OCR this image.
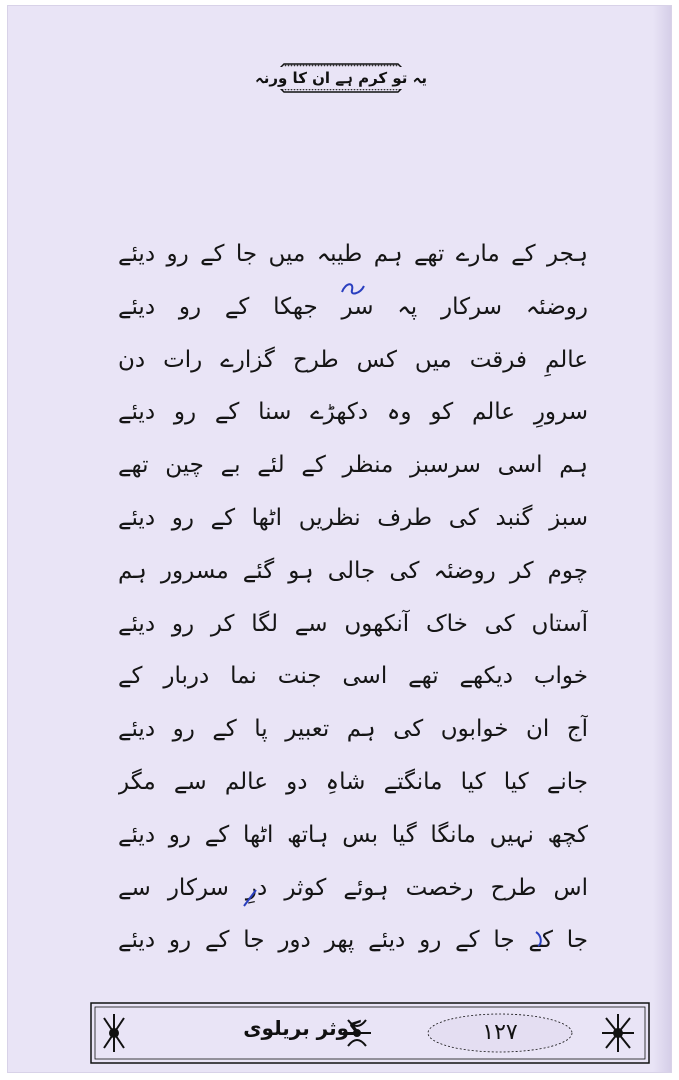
یہ تو کرم ہے ان کا ورنہ
ہجر کے مارے تھے ہم طیبہ میں جا کے رو دیئے
روضئہ سرکار پہ سر جھکا کے رو دیئے
عالمِ فرقت میں کس طرح گزارے رات دن
سرورِ عالم کو وہ دکھڑے سنا کے رو دیئے
ہم اسی سرسبز منظر کے لئے بے چین تھے
سبز گنبد کی طرف نظریں اٹھا کے رو دیئے
چوم کر روضئہ کی جالی ہو گئے مسرور ہم
آستاں کی خاک آنکھوں سے لگا کر رو دیئے
خواب دیکھے تھے اسی جنت نما دربار کے
آج ان خوابوں کی ہم تعبیر پا کے رو دیئے
جانے کیا کیا مانگتے شاہِ دو عالم سے مگر
کچھ نہیں مانگا گیا بس ہاتھ اٹھا کے رو دیئے
اس طرح رخصت ہوئے کوثر درِ سرکار سے
جا کے جا کے رو دیئے پھر دور جا کے رو دیئے
کوثر بریلوی	۱۲۷
